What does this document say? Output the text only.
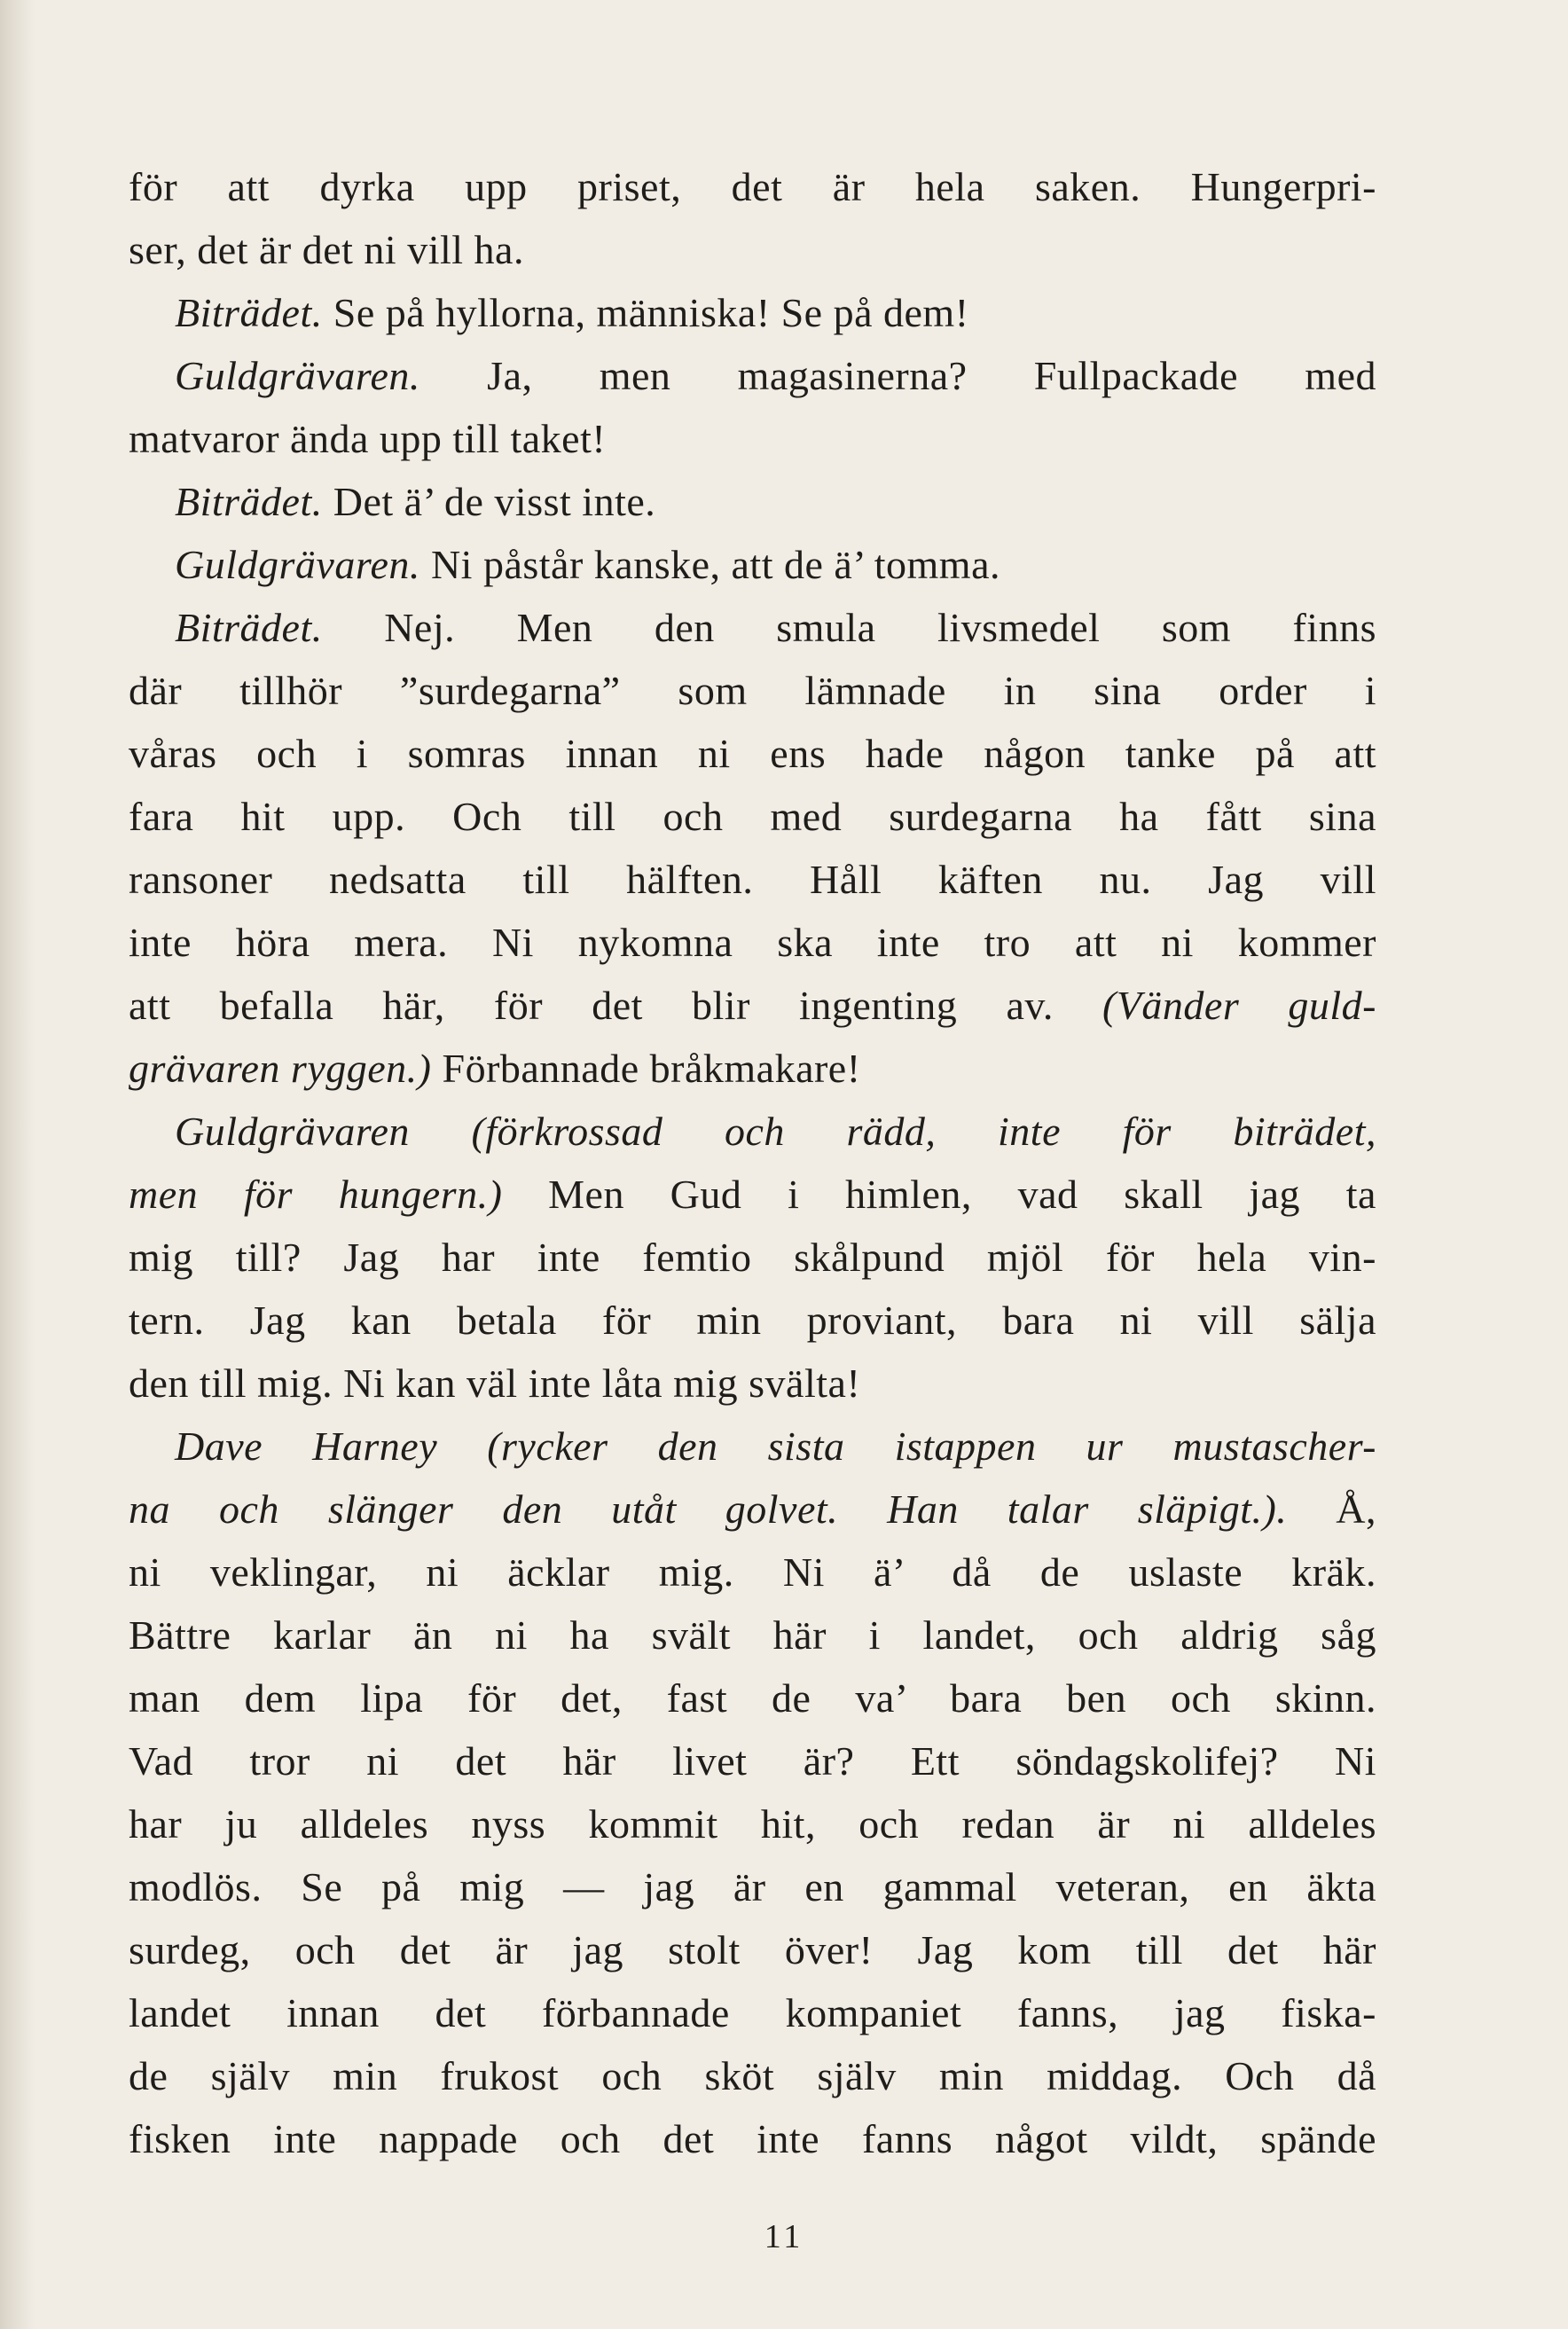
för att dyrka upp priset, det är hela saken. Hungerpri-
ser, det är det ni vill ha.
Biträdet. Se på hyllorna, människa! Se på dem!
Guldgrävaren. Ja, men magasinerna? Fullpackade med
matvaror ända upp till taket!
Biträdet. Det ä’ de visst inte.
Guldgrävaren. Ni påstår kanske, att de ä’ tomma.
Biträdet. Nej. Men den smula livsmedel som finns
där tillhör ”surdegarna” som lämnade in sina order i
våras och i somras innan ni ens hade någon tanke på att
fara hit upp. Och till och med surdegarna ha fått sina
ransoner nedsatta till hälften. Håll käften nu. Jag vill
inte höra mera. Ni nykomna ska inte tro att ni kommer
att befalla här, för det blir ingenting av. (Vänder guld-
grävaren ryggen.) Förbannade bråkmakare!
Guldgrävaren (förkrossad och rädd, inte för biträdet,
men för hungern.) Men Gud i himlen, vad skall jag ta
mig till? Jag har inte femtio skålpund mjöl för hela vin-
tern. Jag kan betala för min proviant, bara ni vill sälja
den till mig. Ni kan väl inte låta mig svälta!
Dave Harney (rycker den sista istappen ur mustascher-
na och slänger den utåt golvet. Han talar släpigt.). Å,
ni veklingar, ni äcklar mig. Ni ä’ då de uslaste kräk.
Bättre karlar än ni ha svält här i landet, och aldrig såg
man dem lipa för det, fast de va’ bara ben och skinn.
Vad tror ni det här livet är? Ett söndagskolifej? Ni
har ju alldeles nyss kommit hit, och redan är ni alldeles
modlös. Se på mig — jag är en gammal veteran, en äkta
surdeg, och det är jag stolt över! Jag kom till det här
landet innan det förbannade kompaniet fanns, jag fiska-
de själv min frukost och sköt själv min middag. Och då
fisken inte nappade och det inte fanns något vildt, spände
11
